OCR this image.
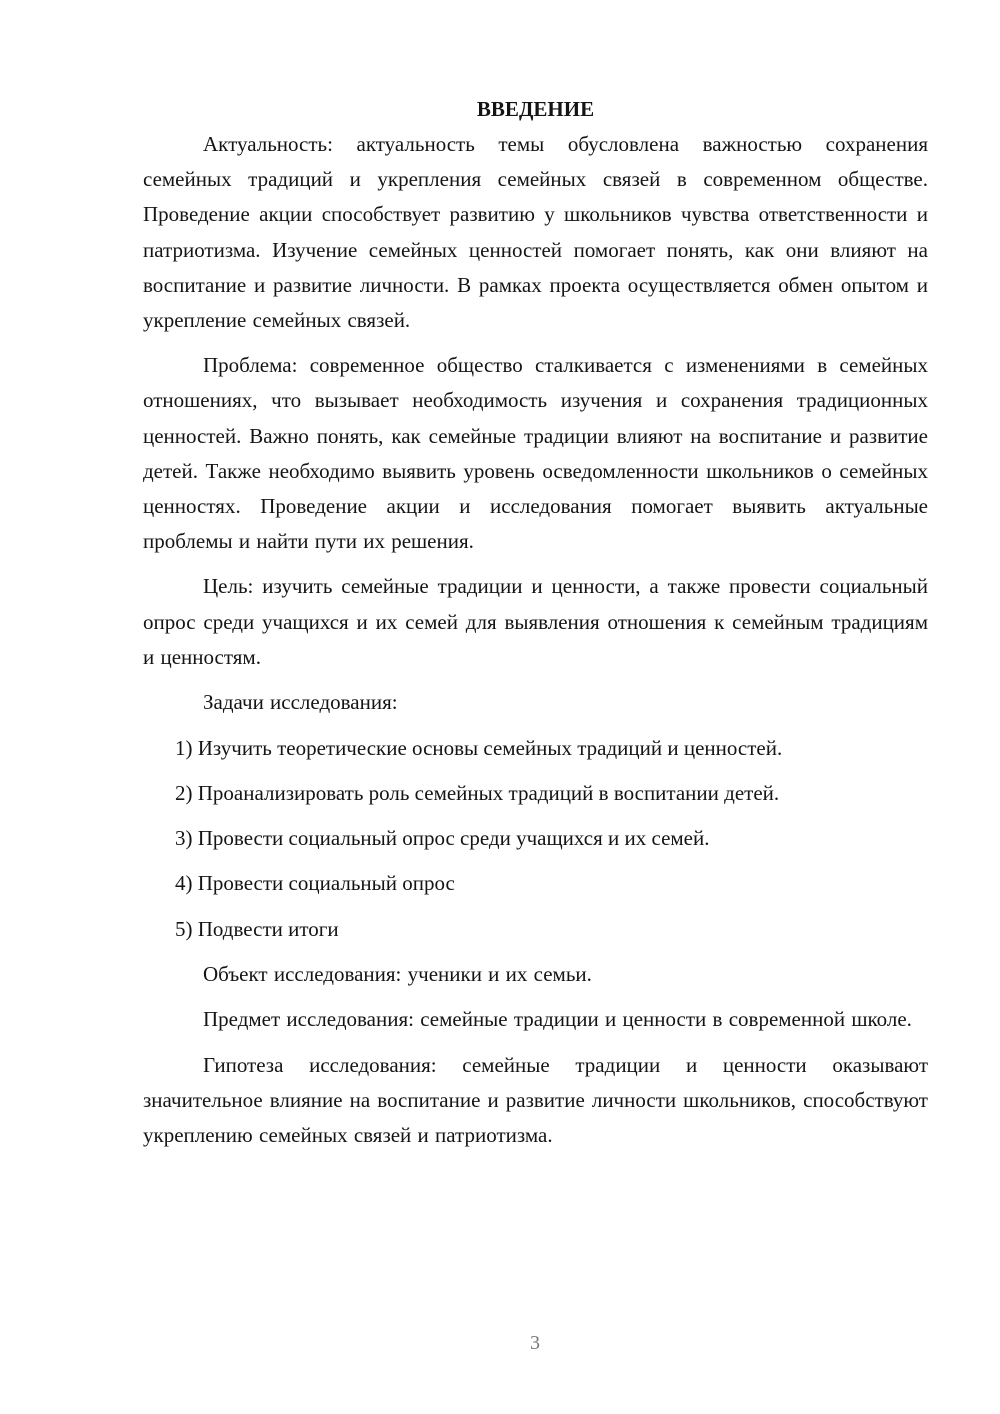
ВВЕДЕНИЕ

Актуальность: актуальность темы обусловлена важностью сохранения семейных традиций и укрепления семейных связей в современном обществе. Проведение акции способствует развитию у школьников чувства ответственности и патриотизма. Изучение семейных ценностей помогает понять, как они влияют на воспитание и развитие личности. В рамках проекта осуществляется обмен опытом и укрепление семейных связей.

Проблема: современное общество сталкивается с изменениями в семейных отношениях, что вызывает необходимость изучения и сохранения традиционных ценностей. Важно понять, как семейные традиции влияют на воспитание и развитие детей. Также необходимо выявить уровень осведомленности школьников о семейных ценностях. Проведение акции и исследования помогает выявить актуальные проблемы и найти пути их решения.

Цель: изучить семейные традиции и ценности, а также провести социальный опрос среди учащихся и их семей для выявления отношения к семейным традициям и ценностям.

Задачи исследования:

1) Изучить теоретические основы семейных традиций и ценностей.
2) Проанализировать роль семейных традиций в воспитании детей.
3) Провести социальный опрос среди учащихся и их семей.
4) Провести социальный опрос
5) Подвести итоги

Объект исследования: ученики и их семьи.

Предмет исследования: семейные традиции и ценности в современной школе.

Гипотеза исследования: семейные традиции и ценности оказывают значительное влияние на воспитание и развитие личности школьников, способствуют укреплению семейных связей и патриотизма.

3
